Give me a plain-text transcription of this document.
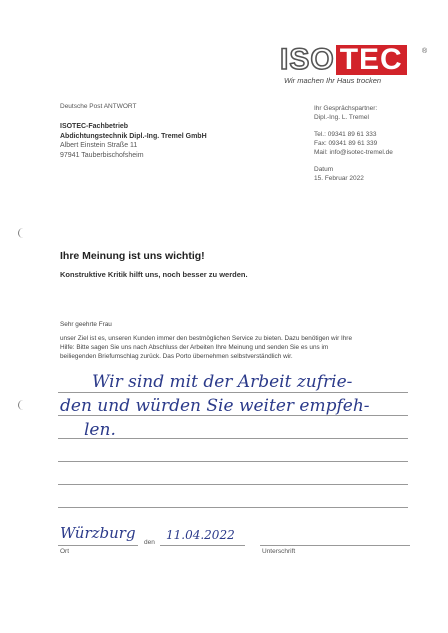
ISO TEC	®
Wir machen Ihr Haus trocken
Deutsche Post ANTWORT
ISOTEC-Fachbetrieb
Abdichtungstechnik Dipl.-Ing. Tremel GmbH
Albert Einstein Straße 11
97941 Tauberbischofsheim
Ihr Gesprächspartner:
Dipl.-Ing. L. Tremel
Tel.: 09341 89 61 333
Fax: 09341 89 61 339
Mail: info@isotec-tremel.de
Datum
15. Februar 2022
Ihre Meinung ist uns wichtig!
Konstruktive Kritik hilft uns, noch besser zu werden.
Sehr geehrte Frau
unser Ziel ist es, unseren Kunden immer den bestmöglichen Service zu bieten. Dazu benötigen wir Ihre
Hilfe: Bitte sagen Sie uns nach Abschluss der Arbeiten Ihre Meinung und senden Sie es uns im
beiliegenden Briefumschlag zurück. Das Porto übernehmen selbstverständlich wir.
Wir sind mit der Arbeit zufrie-
den und würden Sie weiter empfeh-
len.
Würzburg	11.04.2022
Ort
den
Unterschrift
